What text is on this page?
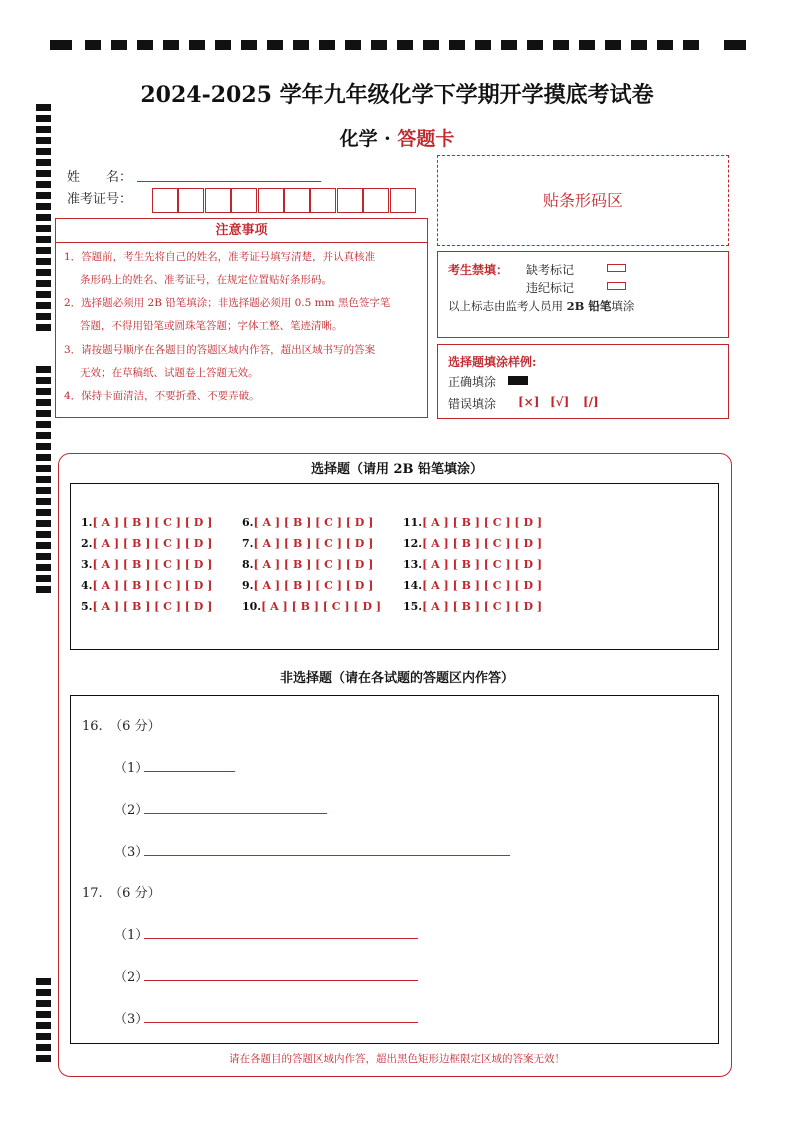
2024-2025 学年九年级化学下学期开学摸底考试卷
化学 · 答题卡
姓　　名：
准考证号：	贴条形码区
注意事项
1．答题前，考生先将自己的姓名，准考证号填写清楚，并认真核准
条形码上的姓名、准考证号，在规定位置贴好条形码。
2．选择题必须用 2B 铅笔填涂；非选择题必须用 0.5 mm 黑色签字笔
答题，不得用铅笔或圆珠笔答题；字体工整、笔迹清晰。
3．请按题号顺序在各题目的答题区域内作答，超出区域书写的答案
无效；在草稿纸、试题卷上答题无效。
4．保持卡面清洁，不要折叠、不要弄破。
考生禁填： 缺考标记
违纪标记
以上标志由监考人员用 2B 铅笔填涂
选择题填涂样例:
正确填涂
错误填涂 [×] [√] [/]
选择题（请用 2B 铅笔填涂）
1.[ A ] [ B ] [ C ] [ D ]
2.[ A ] [ B ] [ C ] [ D ]
3.[ A ] [ B ] [ C ] [ D ]
4.[ A ] [ B ] [ C ] [ D ]
5.[ A ] [ B ] [ C ] [ D ]
6.[ A ] [ B ] [ C ] [ D ]
7.[ A ] [ B ] [ C ] [ D ]
8.[ A ] [ B ] [ C ] [ D ]
9.[ A ] [ B ] [ C ] [ D ]
10.[ A ] [ B ] [ C ] [ D ]
11.[ A ] [ B ] [ C ] [ D ]
12.[ A ] [ B ] [ C ] [ D ]
13.[ A ] [ B ] [ C ] [ D ]
14.[ A ] [ B ] [ C ] [ D ]
15.[ A ] [ B ] [ C ] [ D ]
非选择题（请在各试题的答题区内作答）
16.　（6 分）
（1）
（2）
（3）
17.　（6 分）
（1）
（2）
（3）
请在各题目的答题区域内作答，超出黑色矩形边框限定区域的答案无效！
